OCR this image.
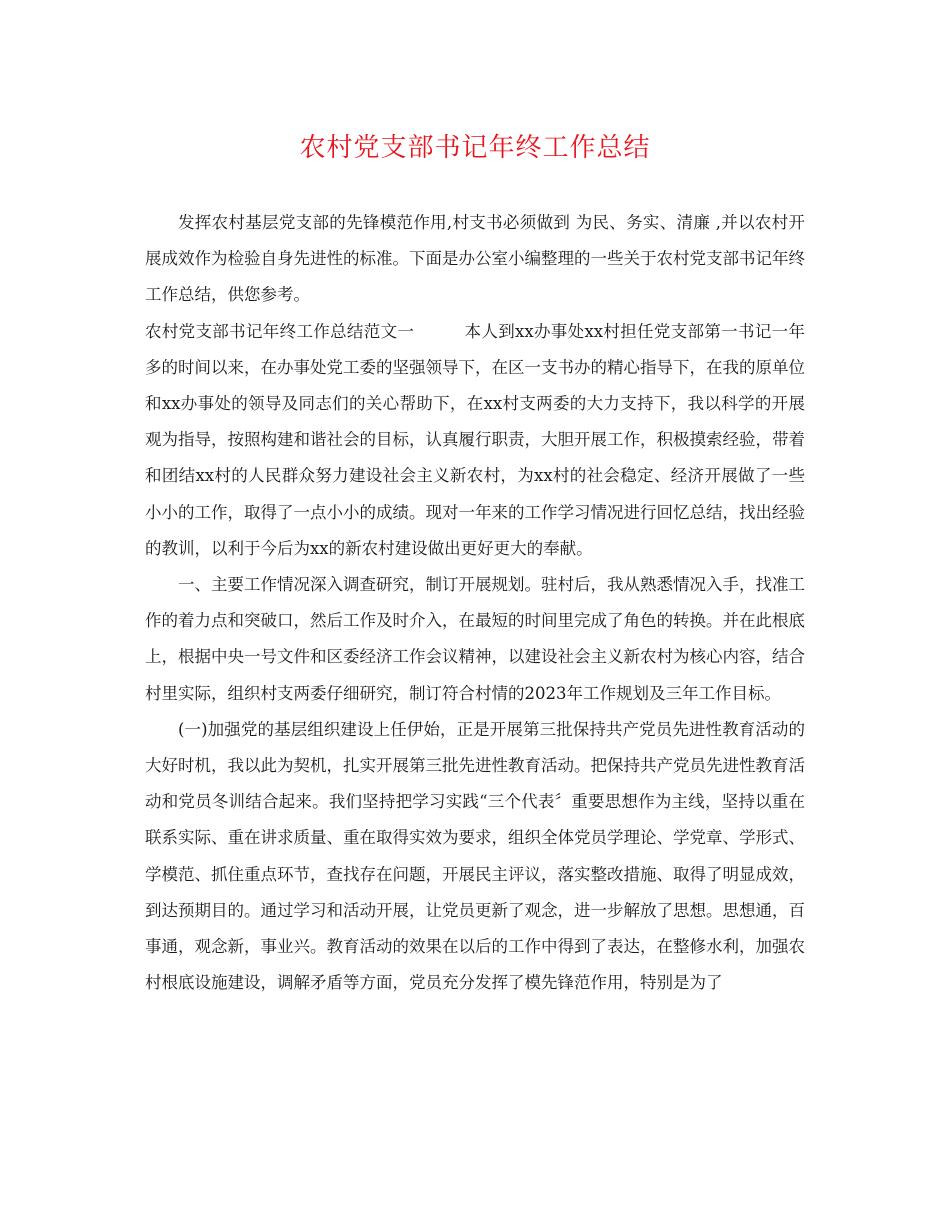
农村党支部书记年终工作总结

发挥农村基层党支部的先锋模范作用,村支书必须做到 为民、务实、清廉 ,并以农村开展成效作为检验自身先进性的标准。下面是办公室小编整理的一些关于农村党支部书记年终工作总结，供您参考。

农村党支部书记年终工作总结范文一	本人到xx办事处xx村担任党支部第一书记一年多的时间以来，在办事处党工委的坚强领导下，在区一支书办的精心指导下，在我的原单位和xx办事处的领导及同志们的关心帮助下，在xx村支两委的大力支持下，我以科学的开展观为指导，按照构建和谐社会的目标，认真履行职责，大胆开展工作，积极摸索经验，带着和团结xx村的人民群众努力建设社会主义新农村，为xx村的社会稳定、经济开展做了一些小小的工作，取得了一点小小的成绩。现对一年来的工作学习情况进行回忆总结，找出经验的教训，以利于今后为xx的新农村建设做出更好更大的奉献。

一、主要工作情况深入调查研究，制订开展规划。驻村后，我从熟悉情况入手，找准工作的着力点和突破口，然后工作及时介入，在最短的时间里完成了角色的转换。并在此根底上，根据中央一号文件和区委经济工作会议精神，以建设社会主义新农村为核心内容，结合村里实际，组织村支两委仔细研究，制订符合村情的2023年工作规划及三年工作目标。

(一)加强党的基层组织建设上任伊始，正是开展第三批保持共产党员先进性教育活动的大好时机，我以此为契机，扎实开展第三批先进性教育活动。把保持共产党员先进性教育活动和党员冬训结合起来。我们坚持把学习实践“三个代表〞重要思想作为主线，坚持以重在联系实际、重在讲求质量、重在取得实效为要求，组织全体党员学理论、学党章、学形式、学模范、抓住重点环节，查找存在问题，开展民主评议，落实整改措施、取得了明显成效，到达预期目的。通过学习和活动开展，让党员更新了观念，进一步解放了思想。思想通，百事通，观念新，事业兴。教育活动的效果在以后的工作中得到了表达，在整修水利，加强农村根底设施建设，调解矛盾等方面，党员充分发挥了模先锋范作用，特别是为了
